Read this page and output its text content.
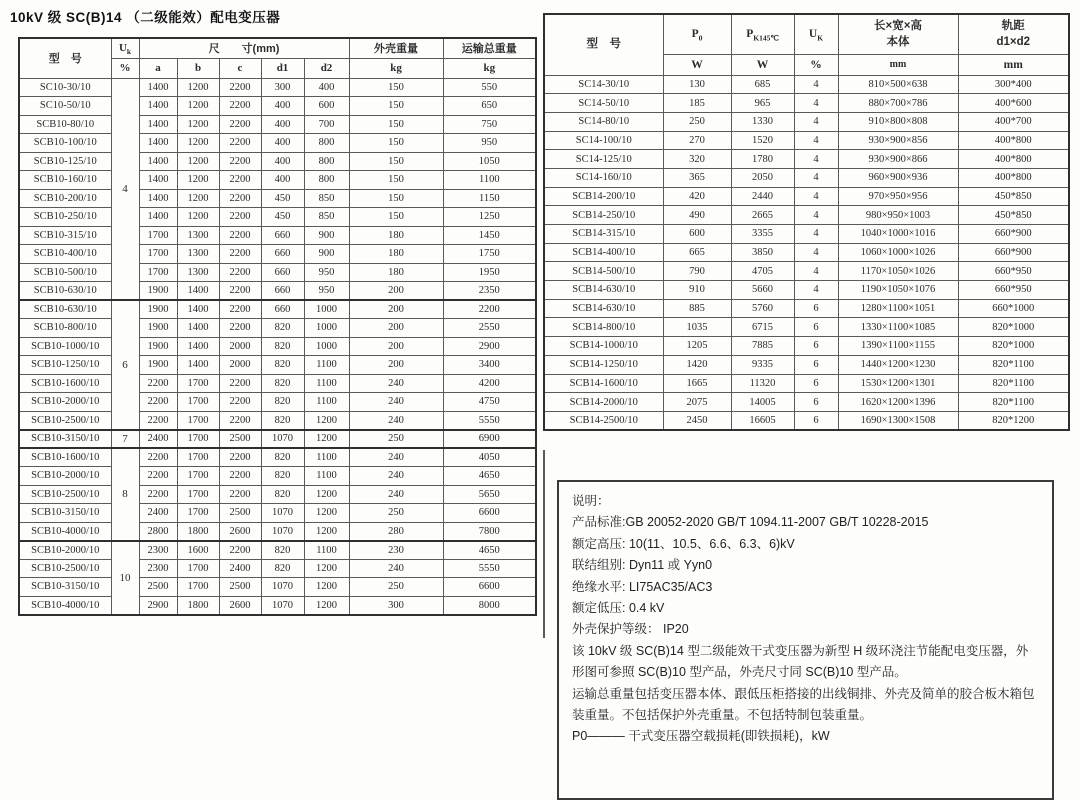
10kV 级 SC(B)14 （二级能效）配电变压器
型　号	$U_k$	尺　　寸(mm)					外壳重量	运输总重量
	%	a	b	c	d1	d2	kg	kg
SC10-30/10	4	1400	1200	2200	300	400	150	550
SC10-50/10		1400	1200	2200	400	600	150	650
SCB10-80/10		1400	1200	2200	400	700	150	750
SCB10-100/10		1400	1200	2200	400	800	150	950
SCB10-125/10		1400	1200	2200	400	800	150	1050
SCB10-160/10		1400	1200	2200	400	800	150	1100
SCB10-200/10		1400	1200	2200	450	850	150	1150
SCB10-250/10		1400	1200	2200	450	850	150	1250
SCB10-315/10		1700	1300	2200	660	900	180	1450
SCB10-400/10		1700	1300	2200	660	900	180	1750
SCB10-500/10		1700	1300	2200	660	950	180	1950
SCB10-630/10		1900	1400	2200	660	950	200	2350
SCB10-630/10	6	1900	1400	2200	660	1000	200	2200
SCB10-800/10		1900	1400	2200	820	1000	200	2550
SCB10-1000/10		1900	1400	2000	820	1000	200	2900
SCB10-1250/10		1900	1400	2000	820	1100	200	3400
SCB10-1600/10		2200	1700	2200	820	1100	240	4200
SCB10-2000/10		2200	1700	2200	820	1100	240	4750
SCB10-2500/10		2200	1700	2200	820	1200	240	5550
SCB10-3150/10	7	2400	1700	2500	1070	1200	250	6900
SCB10-1600/10	8	2200	1700	2200	820	1100	240	4050
SCB10-2000/10		2200	1700	2200	820	1100	240	4650
SCB10-2500/10		2200	1700	2200	820	1200	240	5650
SCB10-3150/10		2400	1700	2500	1070	1200	250	6600
SCB10-4000/10		2800	1800	2600	1070	1200	280	7800
SCB10-2000/10	10	2300	1600	2200	820	1100	230	4650
SCB10-2500/10		2300	1700	2400	820	1200	240	5550
SCB10-3150/10		2500	1700	2500	1070	1200	250	6600
SCB10-4000/10		2900	1800	2600	1070	1200	300	8000
型　号	$P_0$	$P_{K145℃}$	$U_K$	长×宽×高
本体	轨距
d1×d2

	W	W	%	mm	mm
SC14-30/10	130	685	4	810×500×638	300*400
SC14-50/10	185	965	4	880×700×786	400*600
SC14-80/10	250	1330	4	910×800×808	400*700
SC14-100/10	270	1520	4	930×900×856	400*800
SC14-125/10	320	1780	4	930×900×866	400*800
SC14-160/10	365	2050	4	960×900×936	400*800
SCB14-200/10	420	2440	4	970×950×956	450*850
SCB14-250/10	490	2665	4	980×950×1003	450*850
SCB14-315/10	600	3355	4	1040×1000×1016	660*900
SCB14-400/10	665	3850	4	1060×1000×1026	660*900
SCB14-500/10	790	4705	4	1170×1050×1026	660*950
SCB14-630/10	910	5660	4	1190×1050×1076	660*950
SCB14-630/10	885	5760	6	1280×1100×1051	660*1000
SCB14-800/10	1035	6715	6	1330×1100×1085	820*1000
SCB14-1000/10	1205	7885	6	1390×1100×1155	820*1000
SCB14-1250/10	1420	9335	6	1440×1200×1230	820*1100
SCB14-1600/10	1665	11320	6	1530×1200×1301	820*1100
SCB14-2000/10	2075	14005	6	1620×1200×1396	820*1100
SCB14-2500/10	2450	16605	6	1690×1300×1508	820*1200
说明：
产品标准:GB 20052-2020 GB/T 1094.11-2007 GB/T 10228-2015
额定高压: 10(11、10.5、6.6、6.3、6)kV
联结组别: Dyn11 或 Yyn0
绝缘水平: LI75AC35/AC3
额定低压: 0.4 kV
外壳保护等级： IP20
该 10kV 级 SC(B)14 型二级能效干式变压器为新型 H 级环浇注节能配电变压器，外形图可参照 SC(B)10 型产品，外壳尺寸同 SC(B)10 型产品。
运输总重量包括变压器本体、跟低压柜搭接的出线铜排、外壳及简单的胶合板木箱包装重量。不包括保护外壳重量。不包括特制包装重量。
P0——— 干式变压器空载损耗(即铁损耗)，kW
